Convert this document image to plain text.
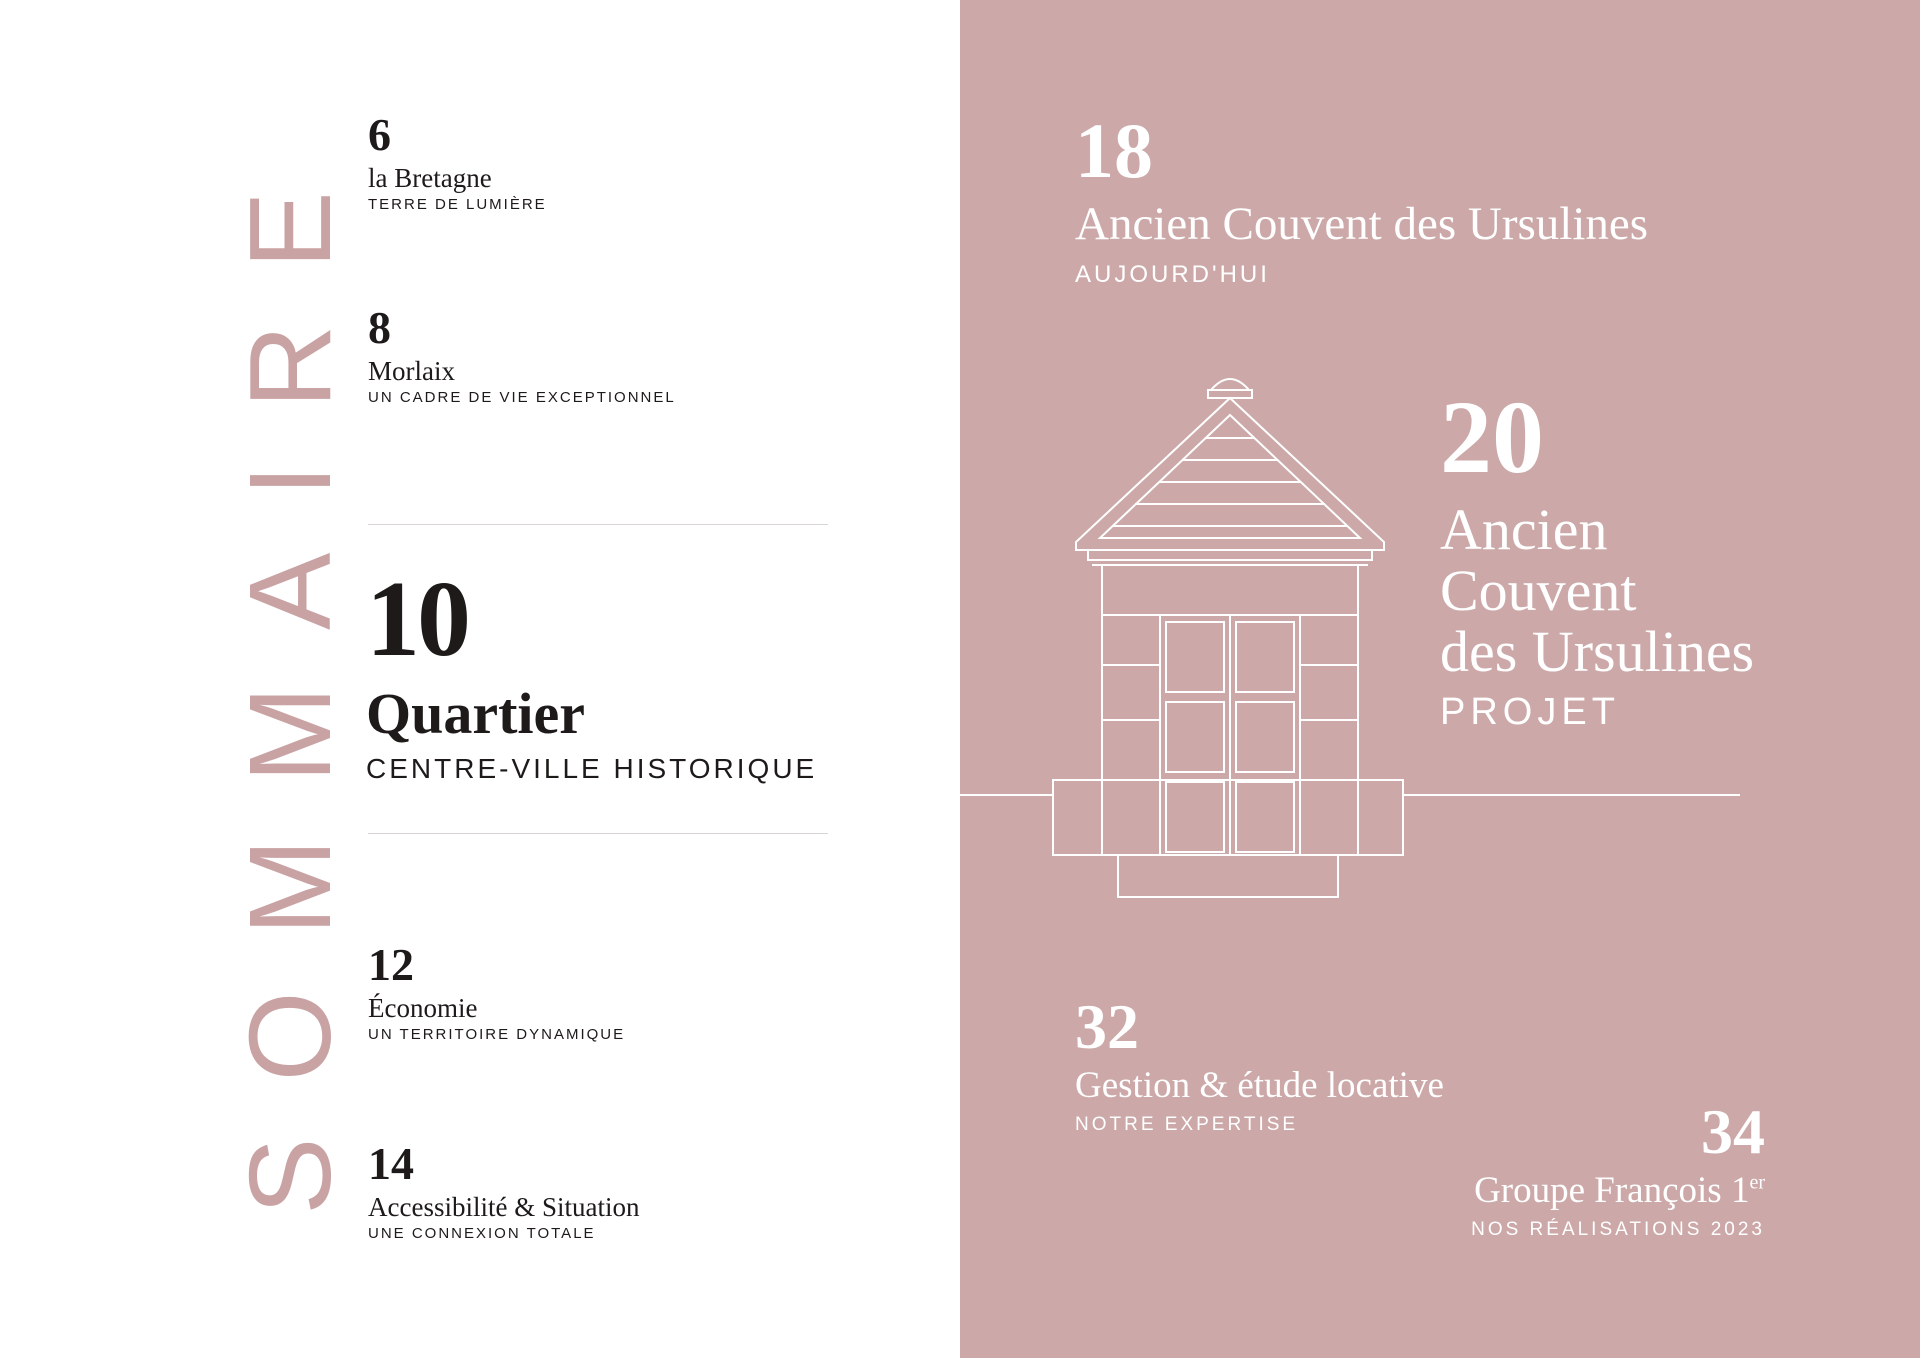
SOMMAIRE
6
la Bretagne
TERRE DE LUMIÈRE
8
Morlaix
UN CADRE DE VIE EXCEPTIONNEL
10
Quartier
CENTRE-VILLE HISTORIQUE
12
Économie
UN TERRITOIRE DYNAMIQUE
14
Accessibilité & Situation
UNE CONNEXION TOTALE
18
Ancien Couvent des Ursulines
AUJOURD'HUI
20
Ancien
Couvent
des Ursulines
PROJET
32
Gestion & étude locative
NOTRE EXPERTISE	34
Groupe François 1er
NOS RÉALISATIONS 2023
